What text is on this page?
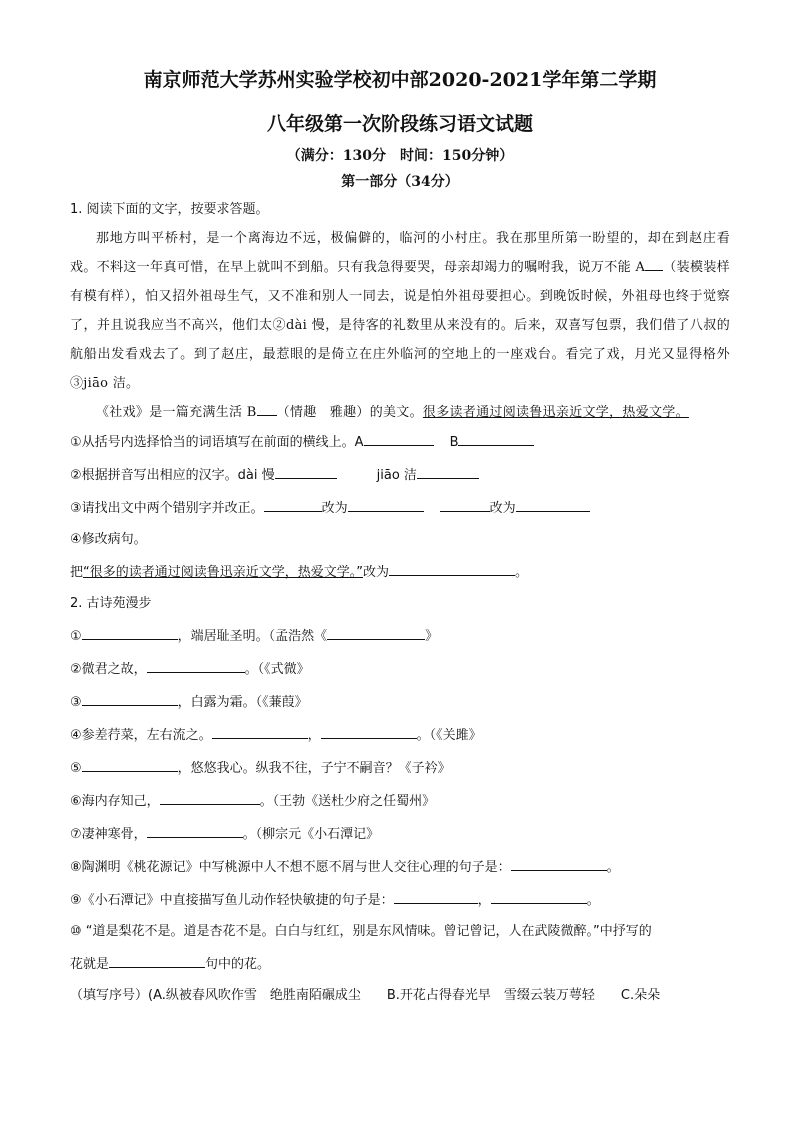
南京师范大学苏州实验学校初中部2020-2021学年第二学期
八年级第一次阶段练习语文试题

（满分：130分　时间：150分钟）

第一部分（34分）

1. 阅读下面的文字，按要求答题。

那地方叫平桥村，是一个离海边不远，极偏僻的，临河的小村庄。我在那里所第一盼望的，却在到赵庄看戏。不料这一年真可惜，在早上就叫不到船。只有我急得要哭，母亲却竭力的嘱咐我，说万不能 A （装模装样　有模有样），怕又招外祖母生气，又不准和别人一同去，说是怕外祖母要担心。到晚饭时候，外祖母也终于觉察了，并且说我应当不高兴，他们太②dài 慢，是待客的礼数里从来没有的。后来，双喜写包票，我们借了八叔的航船出发看戏去了。到了赵庄，最惹眼的是倚立在庄外临河的空地上的一座戏台。看完了戏，月光又显得格外③jiāo 洁。

《社戏》是一篇充满生活 B （情趣　雅趣）的美文。很多读者通过阅读鲁迅亲近文学，热爱文学。

①从括号内选择恰当的词语填写在前面的横线上。A	B

②根据拼音写出相应的汉字。dài 慢	jiāo 洁

③请找出文中两个错别字并改正。	改为	改为

④修改病句。

把“很多的读者通过阅读鲁迅亲近文学，热爱文学。”改为	。

2. 古诗苑漫步

①	，端居耻圣明。（孟浩然《	》

②微君之故，	。（《式微》

③	，白露为霜。（《蒹葭》

④参差荇菜，左右流之。	，	。（《关雎》

⑤	，悠悠我心。纵我不往，子宁不嗣音？《子衿》

⑥海内存知己，	。（王勃《送杜少府之任蜀州》

⑦凄神寒骨，	。（柳宗元《小石潭记》

⑧陶渊明《桃花源记》中写桃源中人不想不愿不屑与世人交往心理的句子是：	。

⑨《小石潭记》中直接描写鱼儿动作轻快敏捷的句子是：	，	。

⑩ “道是梨花不是。道是杏花不是。白白与红红，别是东风情味。曾记曾记，人在武陵微醉。”中抒写的

花就是	句中的花。

（填写序号）(A.纵被春风吹作雪　绝胜南陌碾成尘　　B.开花占得春光早　雪缀云装万萼轻　　C.朵朵
